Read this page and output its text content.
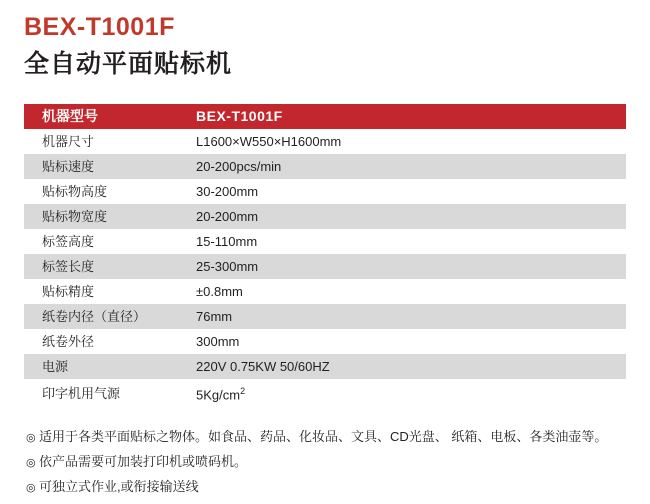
BEX-T1001F
全自动平面贴标机
机器型号	BEX-T1001F
机器尺寸	L1600×W550×H1600mm
贴标速度	20-200pcs/min
贴标物高度	30-200mm
贴标物宽度	20-200mm
标签高度	15-110mm
标签长度	25-300mm
贴标精度	±0.8mm
纸卷内径（直径）	76mm
纸卷外径	300mm
电源	220V 0.75KW 50/60HZ
印字机用气源	$5Kg/cm^2$
◎ 适用于各类平面贴标之物体。如食品、药品、化妆品、文具、CD光盘、 纸箱、电板、各类油壶等。
◎ 依产品需要可加装打印机或喷码机。
◎ 可独立式作业,或衔接输送线
